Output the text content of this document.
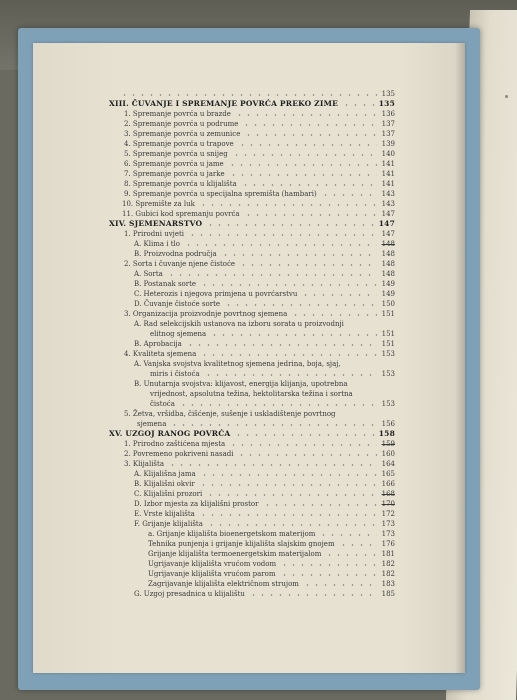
135
XIII. ČUVANJE I SPREMANJE POVRĆA PREKO ZIME	135
1. Spremanje povrća u brazde	136
2. Spremanje povrća u podrume	137
3. Spremanje povrća u zemunice	137
4. Spremanje povrća u trapove	139
5. Spremanje povrća u snijeg	140
6. Spremanje povrća u jame	141
7. Spremanje povrća u jarke	141
8. Spremanje povrća u klijališta	141
9. Spremanje povrća u specijalna spremišta (hambari)	143
10. Spremište za luk	143
11. Gubici kod spremanju povrća	147
XIV. SJEMENARSTVO	147
1. Prirodni uvjeti	147
A. Klima i tlo	148
B. Proizvodna područja	148
2. Sorta i čuvanje njene čistoće	148
A. Sorta	148
B. Postanak sorte	149
C. Heterozis i njegova primjena u povrćarstvu	149
D. Čuvanje čistoće sorte	150
3. Organizacija proizvodnje povrtnog sjemena	151
A. Rad selekcijskih ustanova na izboru sorata u proizvodnji
elitnog sjemena	151
B. Aprobacija	151
4. Kvaliteta sjemena	153
A. Vanjska svojstva kvalitetnog sjemena jedrina, boja, sjaj,
miris i čistoća	153
B. Unutarnja svojstva: klijavost, energija klijanja, upotrebna
vrijednost, apsolutna težina, hektolitarska težina i sortna
čistoća	153
5. Žetva, vršidba, čišćenje, sušenje i uskladištenje povrtnog
sjemena	156
XV. UZGOJ RANOG POVRĆA	158
1. Prirodno zaštićena mjesta	159
2. Povremeno pokriveni nasadi	160
3. Klijališta	164
A. Klijališna jama	165
B. Klijališni okvir	166
C. Klijališni prozori	168
D. Izbor mjesta za klijališni prostor	170
E. Vrste klijališta	172
F. Grijanje klijališta	173
a. Grijanje klijališta bioenergetskom materijom	173
Tehnika punjenja i grijanje klijališta slajskim gnojem	176
Grijanje klijališta termoenergetskim materijalom	181
Ugrijavanje klijališta vrućom vodom	182
Ugrijavanje klijališta vrućom parom	182
Zagrijavanje klijališta električnom strujom	183
G. Uzgoj presadnica u klijalištu	185
